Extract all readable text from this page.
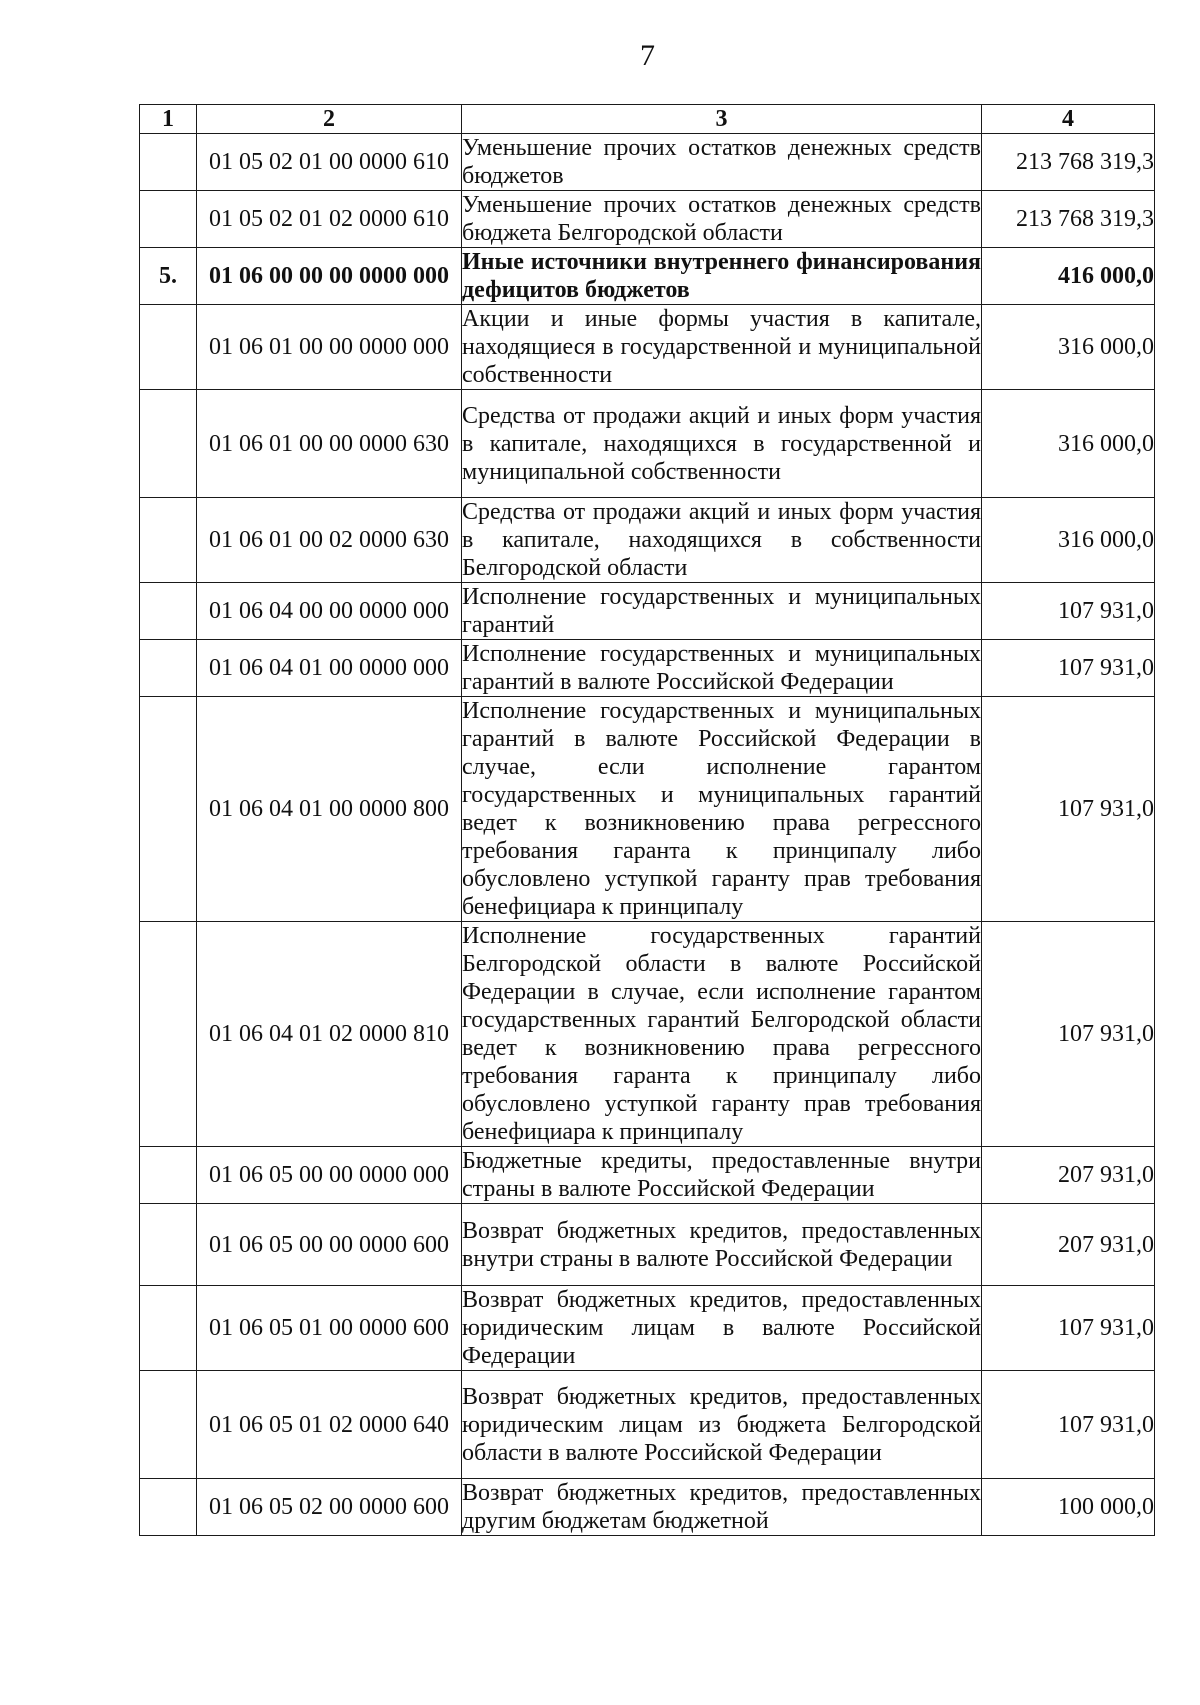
7
1	2	3	4
	01 05 02 01 00 0000 610	Уменьшение прочих остатков денежных средств бюджетов	213 768 319,3
	01 05 02 01 02 0000 610	Уменьшение прочих остатков денежных средств бюджета Белгородской области	213 768 319,3
5.	01 06 00 00 00 0000 000	Иные источники внутреннего финансирования дефицитов бюджетов	416 000,0
	01 06 01 00 00 0000 000	Акции и иные формы участия в капитале, находящиеся в государственной и муниципальной собственности	316 000,0
	01 06 01 00 00 0000 630	Средства от продажи акций и иных форм участия в капитале, находящихся в государственной и муниципальной собственности	316 000,0
	01 06 01 00 02 0000 630	Средства от продажи акций и иных форм участия в капитале, находящихся в собственности Белгородской области	316 000,0
	01 06 04 00 00 0000 000	Исполнение государственных и муниципальных гарантий	107 931,0
	01 06 04 01 00 0000 000	Исполнение государственных и муниципальных гарантий в валюте Российской Федерации	107 931,0
	01 06 04 01 00 0000 800	Исполнение государственных и муниципальных гарантий в валюте Российской Федерации в случае, если исполнение гарантом государственных и муниципальных гарантий ведет к возникновению права регрессного требования гаранта к принципалу либо обусловлено уступкой гаранту прав требования бенефициара к принципалу	107 931,0
	01 06 04 01 02 0000 810	Исполнение государственных гарантий Белгородской области в валюте Российской Федерации в случае, если исполнение гарантом государственных гарантий Белгородской области ведет к возникновению права регрессного требования гаранта к принципалу либо обусловлено уступкой гаранту прав требования бенефициара к принципалу	107 931,0
	01 06 05 00 00 0000 000	Бюджетные кредиты, предоставленные внутри страны в валюте Российской Федерации	207 931,0
	01 06 05 00 00 0000 600	Возврат бюджетных кредитов, предоставленных внутри страны в валюте Российской Федерации	207 931,0
	01 06 05 01 00 0000 600	Возврат бюджетных кредитов, предоставленных юридическим лицам в валюте Российской Федерации	107 931,0
	01 06 05 01 02 0000 640	Возврат бюджетных кредитов, предоставленных юридическим лицам из бюджета Белгородской области в валюте Российской Федерации	107 931,0
	01 06 05 02 00 0000 600	Возврат бюджетных кредитов, предоставленных другим бюджетам бюджетной	100 000,0
